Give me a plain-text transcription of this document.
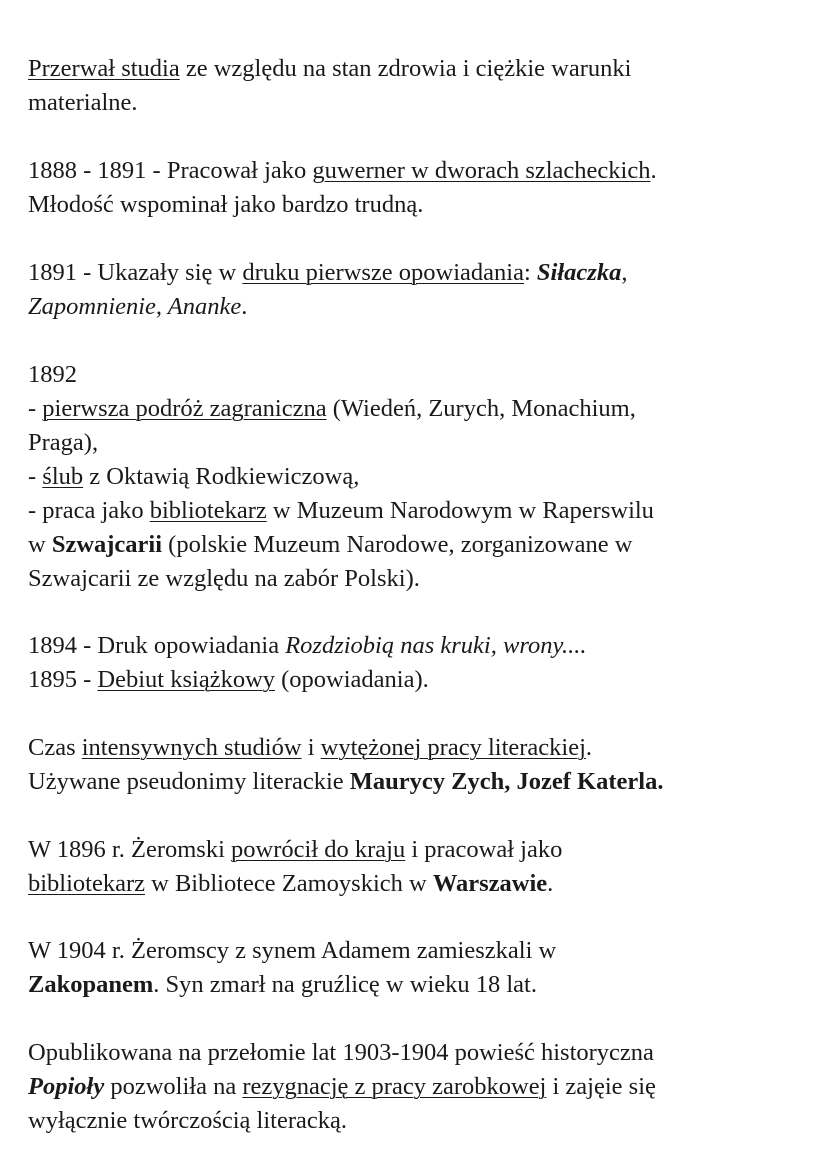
Przerwał studia ze względu na stan zdrowia i ciężkie warunki
materialne.

1888 - 1891 - Pracował jako guwerner w dworach szlacheckich.
Młodość wspominał jako bardzo trudną.

1891 - Ukazały się w druku pierwsze opowiadania: Siłaczka,
Zapomnienie, Ananke.

1892
- pierwsza podróż zagraniczna (Wiedeń, Zurych, Monachium,
Praga),
- ślub z Oktawią Rodkiewiczową,
- praca jako bibliotekarz w Muzeum Narodowym w Raperswilu
w Szwajcarii (polskie Muzeum Narodowe, zorganizowane w
Szwajcarii ze względu na zabór Polski).

1894 - Druk opowiadania Rozdziobią nas kruki, wrony....
1895 - Debiut książkowy (opowiadania).

Czas intensywnych studiów i wytężonej pracy literackiej.
Używane pseudonimy literackie Maurycy Zych, Jozef Katerla.

W 1896 r. Żeromski powrócił do kraju i pracował jako
bibliotekarz w Bibliotece Zamoyskich w Warszawie.

W 1904 r. Żeromscy z synem Adamem zamieszkali w
Zakopanem. Syn zmarł na gruźlicę w wieku 18 lat.

Opublikowana na przełomie lat 1903-1904 powieść historyczna
Popioły pozwoliła na rezygnację z pracy zarobkowej i zajęie się
wyłącznie twórczością literacką.
